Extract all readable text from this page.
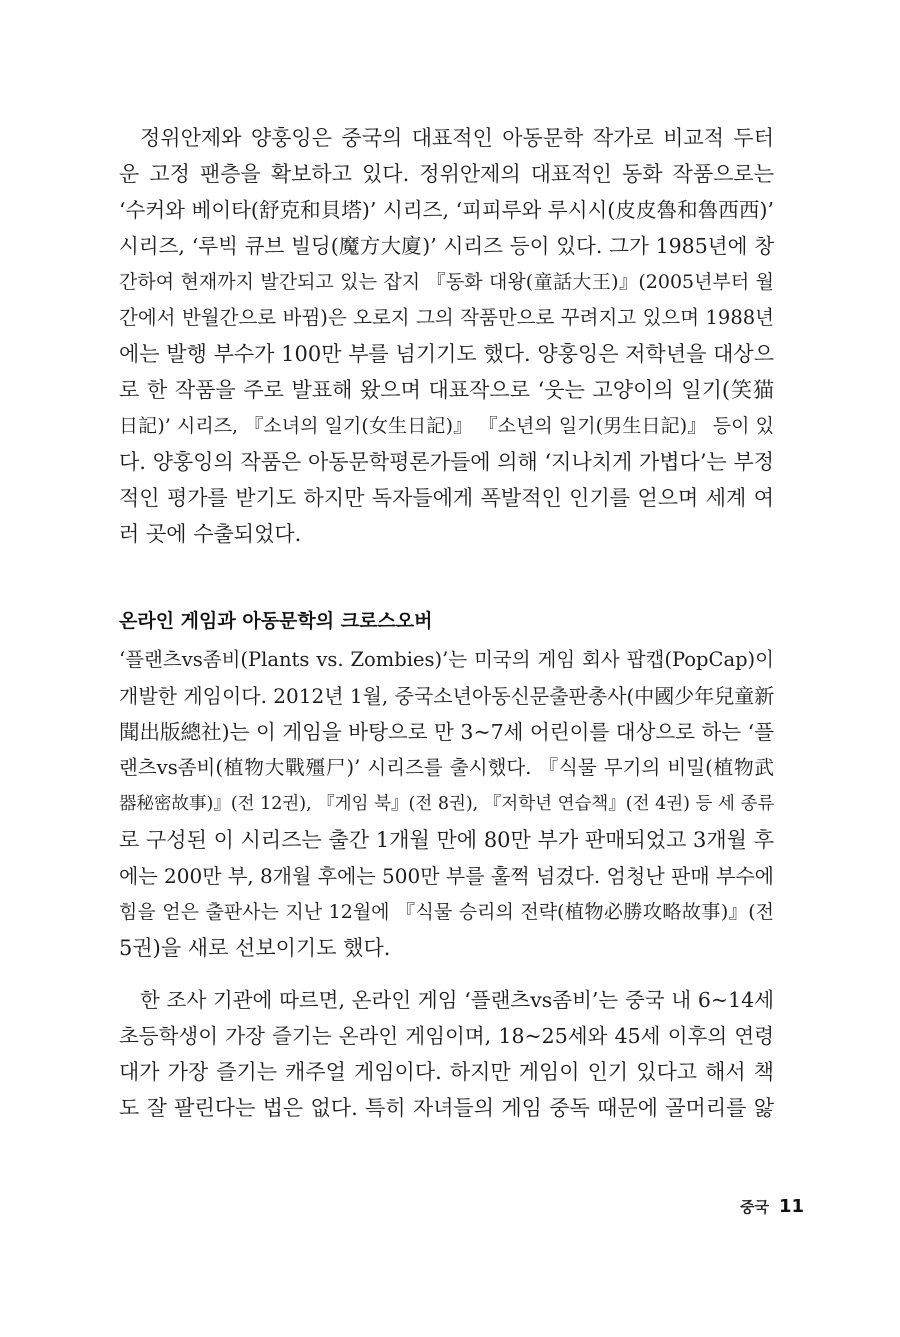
정위안제와 양훙잉은 중국의 대표적인 아동문학 작가로 비교적 두터
운 고정 팬층을 확보하고 있다. 정위안제의 대표적인 동화 작품으로는
‘수커와 베이타(舒克和貝塔)’ 시리즈, ‘피피루와 루시시(皮皮魯和魯西西)’
시리즈, ‘루빅 큐브 빌딩(魔方大廈)’ 시리즈 등이 있다. 그가 1985년에 창
간하여 현재까지 발간되고 있는 잡지 『동화 대왕(童話大王)』(2005년부터 월
간에서 반월간으로 바뀜)은 오로지 그의 작품만으로 꾸려지고 있으며 1988년
에는 발행 부수가 100만 부를 넘기기도 했다. 양훙잉은 저학년을 대상으
로 한 작품을 주로 발표해 왔으며 대표작으로 ‘웃는 고양이의 일기(笑猫
日記)’ 시리즈, 『소녀의 일기(女生日記)』 『소년의 일기(男生日記)』 등이 있
다. 양훙잉의 작품은 아동문학평론가들에 의해 ‘지나치게 가볍다’는 부정
적인 평가를 받기도 하지만 독자들에게 폭발적인 인기를 얻으며 세계 여
러 곳에 수출되었다.
온라인 게임과 아동문학의 크로스오버
‘플랜츠vs좀비(Plants vs. Zombies)’는 미국의 게임 회사 팝캡(PopCap)이
개발한 게임이다. 2012년 1월, 중국소년아동신문출판총사(中國少年兒童新
聞出版總社)는 이 게임을 바탕으로 만 3~7세 어린이를 대상으로 하는 ‘플
랜츠vs좀비(植物大戰殭尸)’ 시리즈를 출시했다. 『식물 무기의 비밀(植物武
器秘密故事)』(전 12권), 『게임 북』(전 8권), 『저학년 연습책』(전 4권) 등 세 종류
로 구성된 이 시리즈는 출간 1개월 만에 80만 부가 판매되었고 3개월 후
에는 200만 부, 8개월 후에는 500만 부를 훌쩍 넘겼다. 엄청난 판매 부수에
힘을 얻은 출판사는 지난 12월에 『식물 승리의 전략(植物必勝攻略故事)』(전
5권)을 새로 선보이기도 했다.
한 조사 기관에 따르면, 온라인 게임 ‘플랜츠vs좀비’는 중국 내 6~14세
초등학생이 가장 즐기는 온라인 게임이며, 18~25세와 45세 이후의 연령
대가 가장 즐기는 캐주얼 게임이다. 하지만 게임이 인기 있다고 해서 책
도 잘 팔린다는 법은 없다. 특히 자녀들의 게임 중독 때문에 골머리를 앓
중국 11
